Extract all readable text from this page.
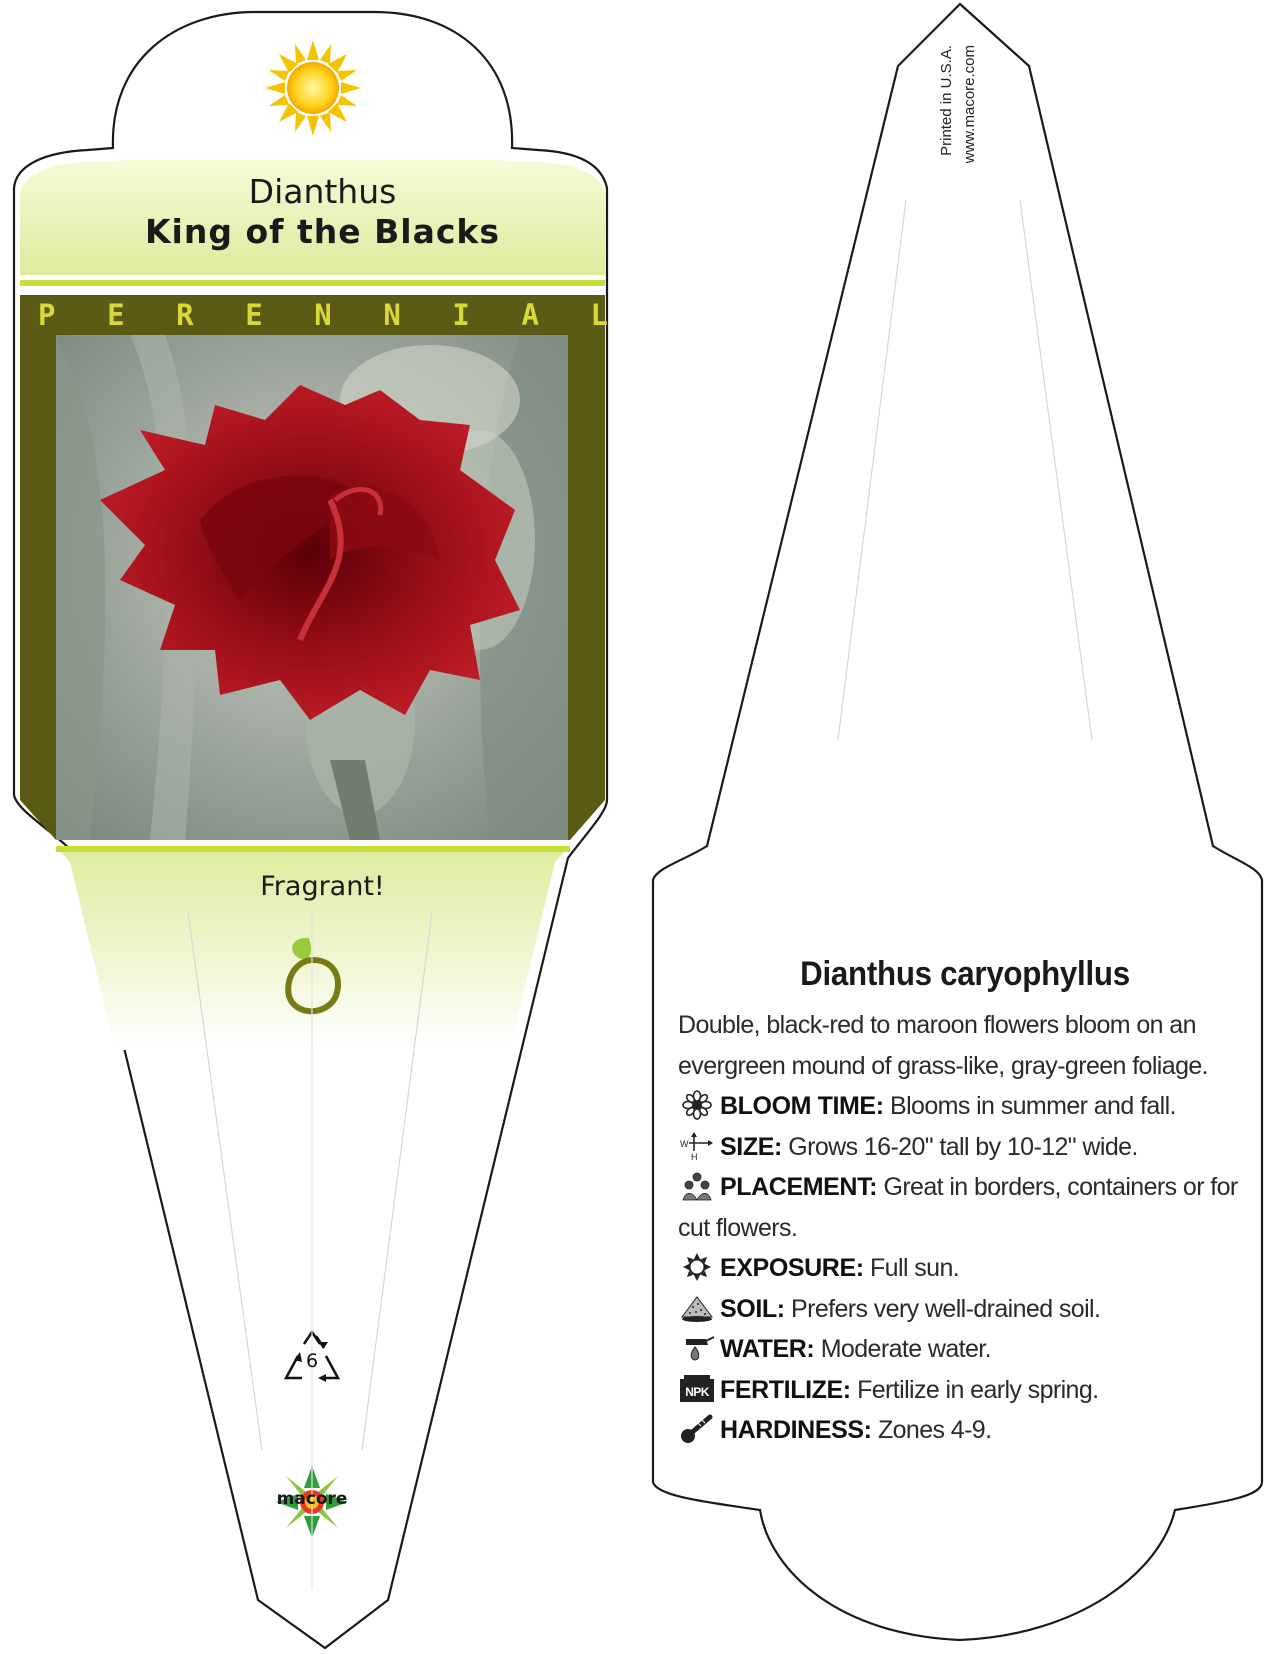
Dianthus
King of the Blacks
P E R E N N I A L
Fragrant!
6
macore
Printed in U.S.A. www.macore.com
Dianthus caryophyllus
Double, black-red to maroon flowers bloom on an evergreen mound of grass-like, gray-green foliage.
BLOOM TIME: Blooms in summer and fall.
W
H SIZE: Grows 16-20" tall by 10-12" wide.
PLACEMENT: Great in borders, containers or for cut flowers.
EXPOSURE: Full sun.
SOIL: Prefers very well-drained soil.
WATER: Moderate water.
NPK FERTILIZE: Fertilize in early spring.
HARDINESS: Zones 4-9.
